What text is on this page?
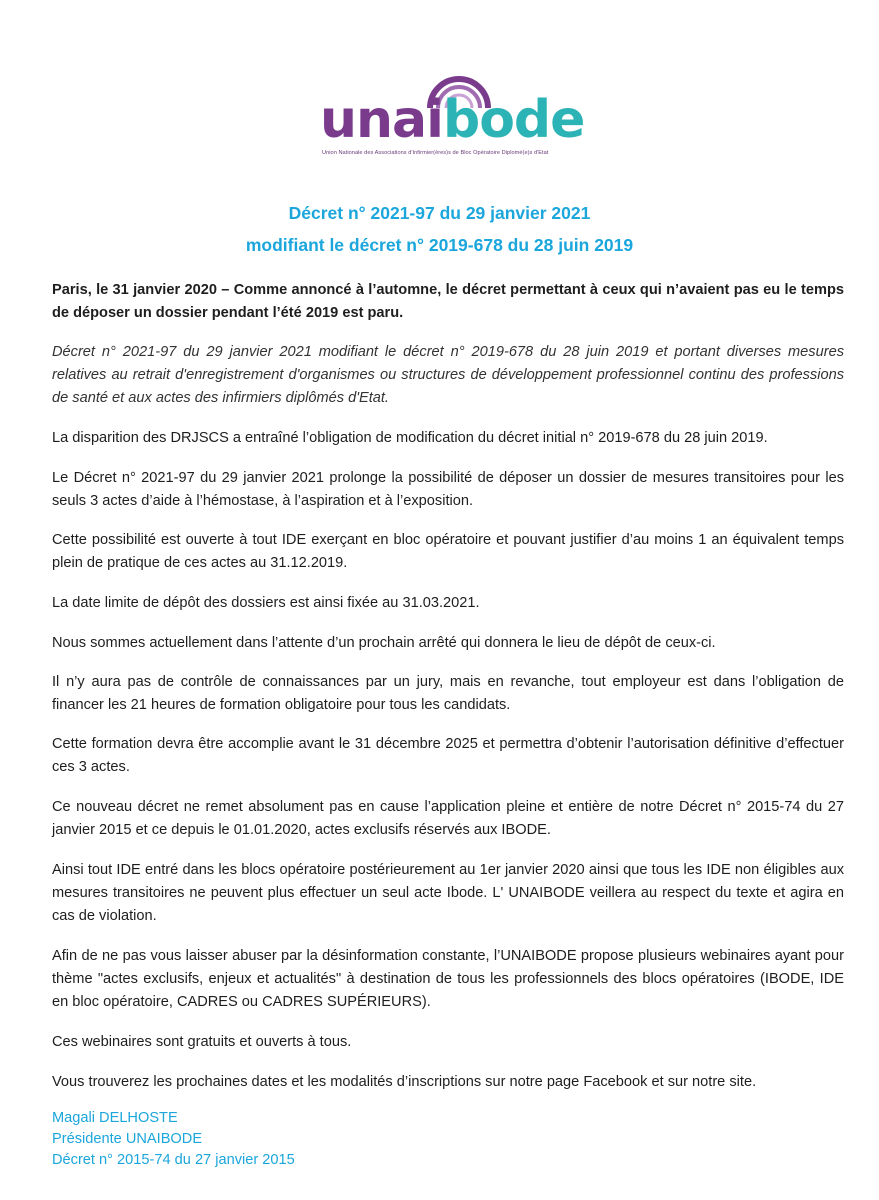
unaibode
Union Nationale des Associations d'Infirmier(ères)s de Bloc Opératoire Diplomé(e)s d'Etat
Décret n° 2021-97 du 29 janvier 2021
modifiant le décret n° 2019-678 du 28 juin 2019

Paris, le 31 janvier 2020 – Comme annoncé à l’automne, le décret permettant à ceux qui n’avaient pas eu le temps de déposer un dossier pendant l’été 2019 est paru.

Décret n° 2021-97 du 29 janvier 2021 modifiant le décret n° 2019-678 du 28 juin 2019 et portant diverses mesures relatives au retrait d'enregistrement d'organismes ou structures de développement professionnel continu des professions de santé et aux actes des infirmiers diplômés d'Etat.

La disparition des DRJSCS a entraîné l’obligation de modification du décret initial n° 2019-678 du 28 juin 2019.

Le Décret n° 2021-97 du 29 janvier 2021 prolonge la possibilité de déposer un dossier de mesures transitoires pour les seuls 3 actes d’aide à l’hémostase, à l’aspiration et à l’exposition.

Cette possibilité est ouverte à tout IDE exerçant en bloc opératoire et pouvant justifier d’au moins 1 an équivalent temps plein de pratique de ces actes au 31.12.2019.

La date limite de dépôt des dossiers est ainsi fixée au 31.03.2021.

Nous sommes actuellement dans l’attente d’un prochain arrêté qui donnera le lieu de dépôt de ceux-ci.

Il n’y aura pas de contrôle de connaissances par un jury, mais en revanche, tout employeur est dans l’obligation de financer les 21 heures de formation obligatoire pour tous les candidats.

Cette formation devra être accomplie avant le 31 décembre 2025 et permettra d’obtenir l’autorisation définitive d’effectuer ces 3 actes.

Ce nouveau décret ne remet absolument pas en cause l’application pleine et entière de notre Décret n° 2015-74 du 27 janvier 2015 et ce depuis le 01.01.2020, actes exclusifs réservés aux IBODE.

Ainsi tout IDE entré dans les blocs opératoire postérieurement au 1er janvier 2020 ainsi que tous les IDE non éligibles aux mesures transitoires ne peuvent plus effectuer un seul acte Ibode. L' UNAIBODE veillera au respect du texte et agira en cas de violation.

Afin de ne pas vous laisser abuser par la désinformation constante, l’UNAIBODE propose plusieurs webinaires ayant pour thème "actes exclusifs, enjeux et actualités" à destination de tous les professionnels des blocs opératoires (IBODE, IDE en bloc opératoire, CADRES ou CADRES SUPÉRIEURS).

Ces webinaires sont gratuits et ouverts à tous.

Vous trouverez les prochaines dates et les modalités d’inscriptions sur notre page Facebook et sur notre site.

Magali DELHOSTE
Présidente UNAIBODE
Décret n° 2015-74 du 27 janvier 2015
